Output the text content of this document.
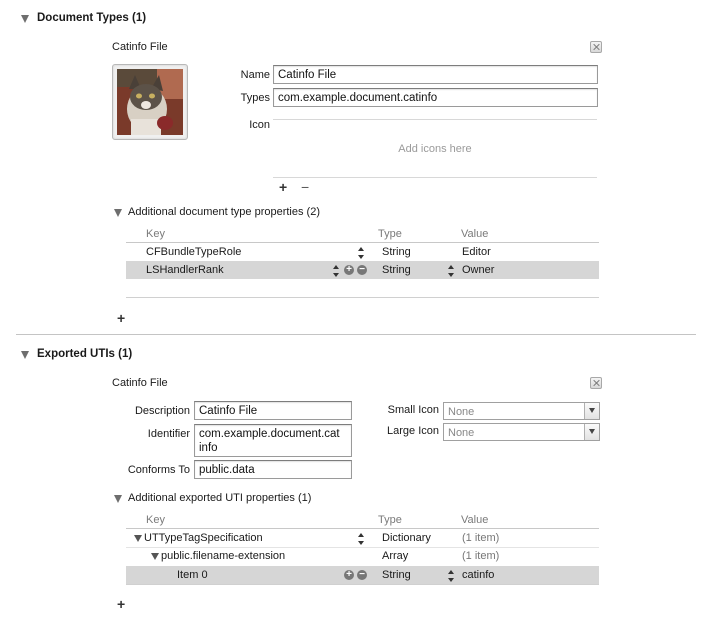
Document Types (1)
Catinfo File
Name Catinfo File
Types com.example.document.catinfo
Icon
Add icons here
+ −
Additional document type properties (2)
Key	Type	Value
CFBundleTypeRole	String	Editor
LSHandlerRank	+ − String	Owner
+
Exported UTIs (1)
Catinfo File
Description Catinfo File
Identifier com.example.document.cat
info
Conforms To public.data
Small Icon None
Large Icon None
Additional exported UTI properties (1)
Key	Type	Value
UTTypeTagSpecification	Dictionary	(1 item)
public.filename-extension	Array	(1 item)
Item 0	+ − String	catinfo
+
